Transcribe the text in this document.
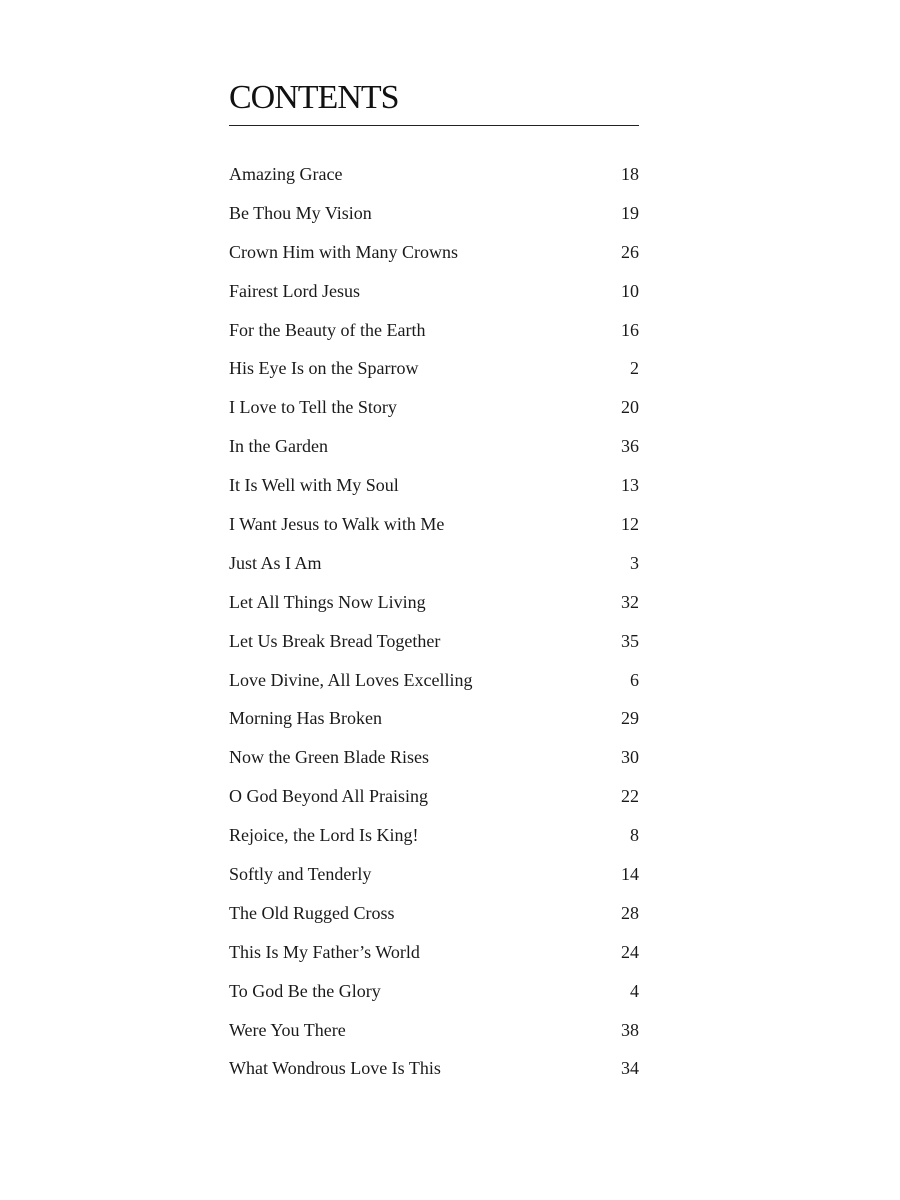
CONTENTS
Amazing Grace	18
Be Thou My Vision	19
Crown Him with Many Crowns	26
Fairest Lord Jesus	10
For the Beauty of the Earth	16
His Eye Is on the Sparrow	2
I Love to Tell the Story	20
In the Garden	36
It Is Well with My Soul	13
I Want Jesus to Walk with Me	12
Just As I Am	3
Let All Things Now Living	32
Let Us Break Bread Together	35
Love Divine, All Loves Excelling	6
Morning Has Broken	29
Now the Green Blade Rises	30
O God Beyond All Praising	22
Rejoice, the Lord Is King!	8
Softly and Tenderly	14
The Old Rugged Cross	28
This Is My Father’s World	24
To God Be the Glory	4
Were You There	38
What Wondrous Love Is This	34
